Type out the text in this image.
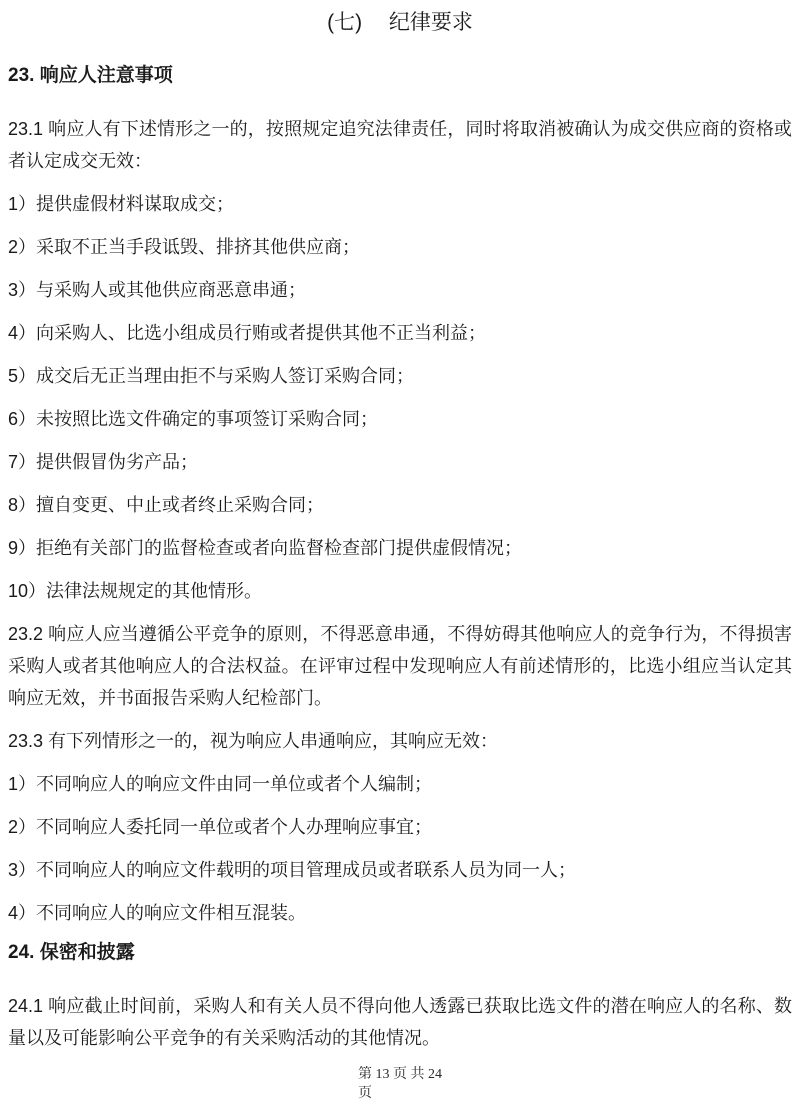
(七)　 纪律要求
23. 响应人注意事项

23.1 响应人有下述情形之一的，按照规定追究法律责任，同时将取消被确认为成交供应商的资格或者认定成交无效：

1）提供虚假材料谋取成交；

2）采取不正当手段诋毁、排挤其他供应商；

3）与采购人或其他供应商恶意串通；

4）向采购人、比选小组成员行贿或者提供其他不正当利益；

5）成交后无正当理由拒不与采购人签订采购合同；

6）未按照比选文件确定的事项签订采购合同；

7）提供假冒伪劣产品；

8）擅自变更、中止或者终止采购合同；

9）拒绝有关部门的监督检查或者向监督检查部门提供虚假情况；

10）法律法规规定的其他情形。

23.2 响应人应当遵循公平竞争的原则，不得恶意串通，不得妨碍其他响应人的竞争行为，不得损害采购人或者其他响应人的合法权益。在评审过程中发现响应人有前述情形的，比选小组应当认定其响应无效，并书面报告采购人纪检部门。

23.3 有下列情形之一的，视为响应人串通响应，其响应无效：

1）不同响应人的响应文件由同一单位或者个人编制；

2）不同响应人委托同一单位或者个人办理响应事宜；

3）不同响应人的响应文件载明的项目管理成员或者联系人员为同一人；

4）不同响应人的响应文件相互混装。

24. 保密和披露

24.1 响应截止时间前，采购人和有关人员不得向他人透露已获取比选文件的潜在响应人的名称、数量以及可能影响公平竞争的有关采购活动的其他情况。

第 13 页 共 24
页
